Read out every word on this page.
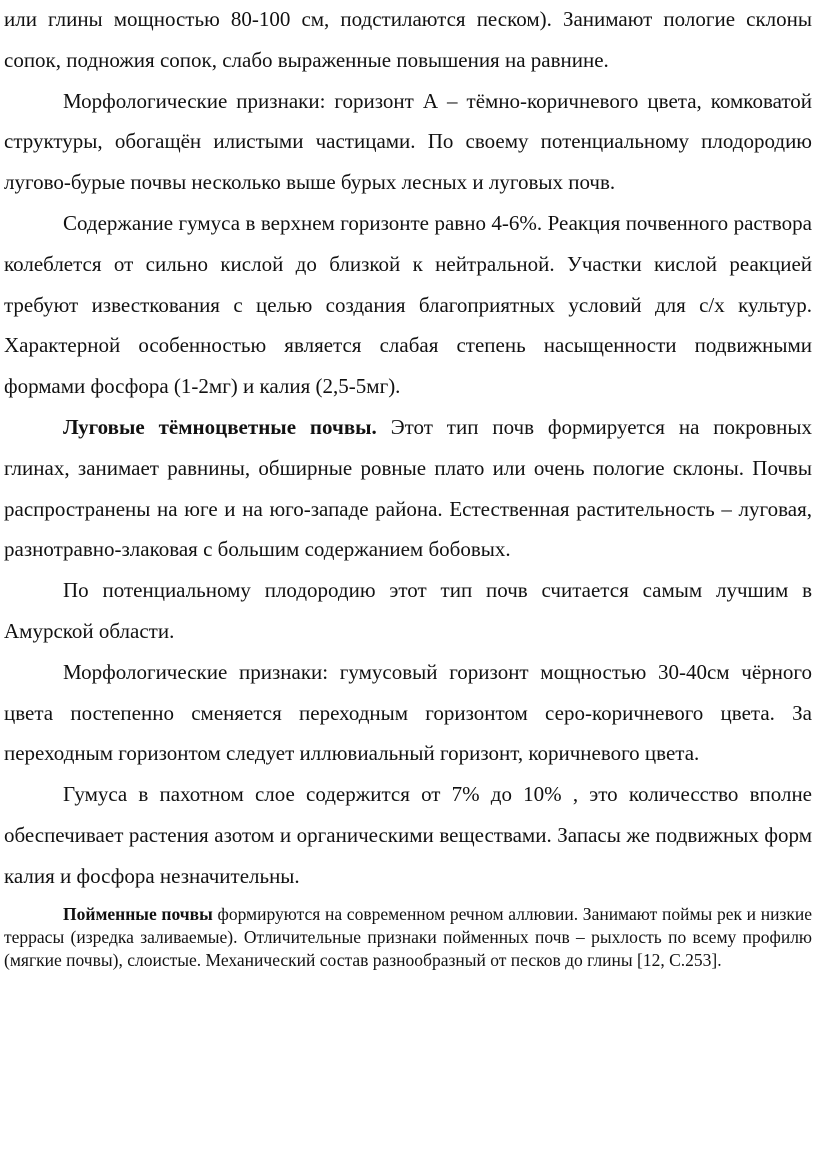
или глины мощностью 80-100 см, подстилаются песком). Занимают пологие склоны сопок, подножия сопок, слабо выраженные повышения на равнине.

Морфологические признаки: горизонт А – тёмно-коричневого цвета, комковатой структуры, обогащён илистыми частицами. По своему потенциальному плодородию лугово-бурые почвы несколько выше бурых лесных и луговых почв.

Содержание гумуса в верхнем горизонте равно 4-6%. Реакция почвенного раствора колеблется от сильно кислой до близкой к нейтральной. Участки кислой реакцией требуют известкования с целью создания благоприятных условий для с/х культур. Характерной особенностью является слабая степень насыщенности подвижными формами фосфора (1-2мг) и калия (2,5-5мг).

Луговые тёмноцветные почвы. Этот тип почв формируется на покровных глинах, занимает равнины, обширные ровные плато или очень пологие склоны. Почвы распространены на юге и на юго-западе района. Естественная растительность – луговая, разнотравно-злаковая с большим содержанием бобовых.

По потенциальному плодородию этот тип почв считается самым лучшим в Амурской области.

Морфологические признаки: гумусовый горизонт мощностью 30-40см чёрного цвета постепенно сменяется переходным горизонтом серо-коричневого цвета. За переходным горизонтом следует иллювиальный горизонт, коричневого цвета.

Гумуса в пахотном слое содержится от 7% до 10% , это количесство вполне обеспечивает растения азотом и органическими веществами. Запасы же подвижных форм калия и фосфора незначительны.

Пойменные почвы формируются на современном речном аллювии. Занимают поймы рек и низкие террасы (изредка заливаемые). Отличительные признаки пойменных почв – рыхлость по всему профилю (мягкие почвы), слоистые. Механический состав разнообразный от песков до глины [12, С.253].
